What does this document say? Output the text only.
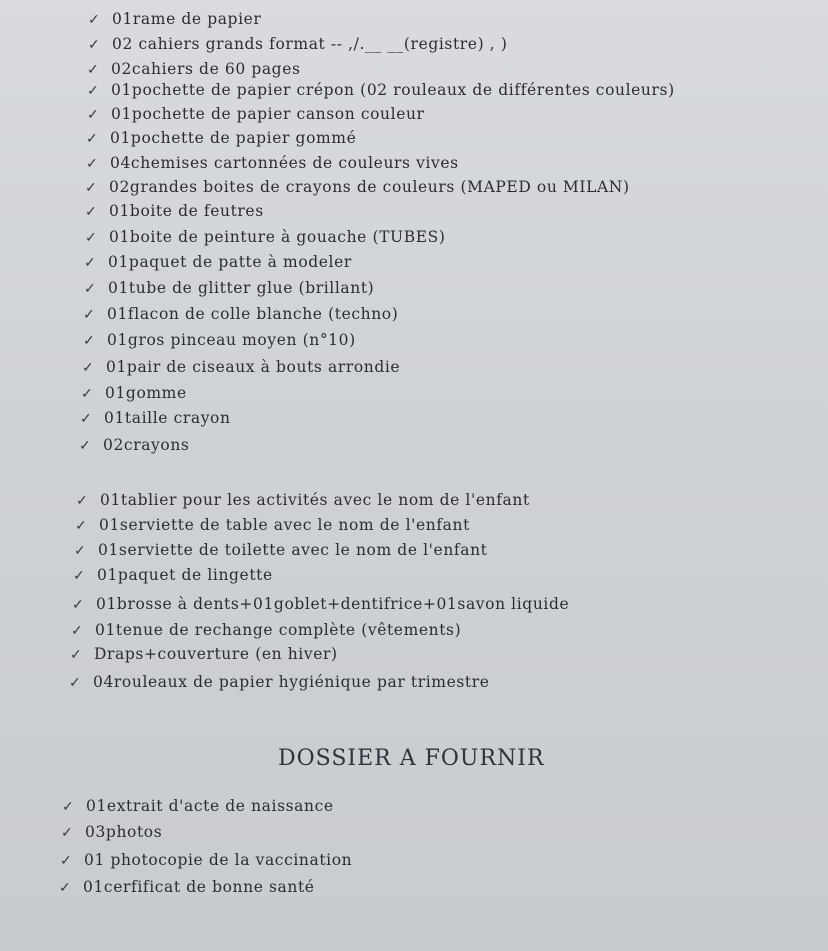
✓ 01rame de papier
✓ 02 cahiers grands format -- ,/.__ __(registre) , )
✓ 02cahiers de 60 pages
✓ 01pochette de papier crépon (02 rouleaux de différentes couleurs)
✓ 01pochette de papier canson couleur
✓ 01pochette de papier gommé
✓ 04chemises cartonnées de couleurs vives
✓ 02grandes boites de crayons de couleurs (MAPED ou MILAN)
✓ 01boite de feutres
✓ 01boite de peinture à gouache (TUBES)
✓ 01paquet de patte à modeler
✓ 01tube de glitter glue (brillant)
✓ 01flacon de colle blanche (techno)
✓ 01gros pinceau moyen (n°10)
✓ 01pair de ciseaux à bouts arrondie
✓ 01gomme
✓ 01taille crayon
✓ 02crayons
✓ 01tablier pour les activités avec le nom de l'enfant
✓ 01serviette de table avec le nom de l'enfant
✓ 01serviette de toilette avec le nom de l'enfant
✓ 01paquet de lingette
✓ 01brosse à dents+01goblet+dentifrice+01savon liquide
✓ 01tenue de rechange complète (vêtements)
✓ Draps+couverture (en hiver)
✓ 04rouleaux de papier hygiénique par trimestre
DOSSIER A FOURNIR
✓ 01extrait d'acte de naissance
✓ 03photos
✓ 01 photocopie de la vaccination
✓ 01cerfificat de bonne santé
